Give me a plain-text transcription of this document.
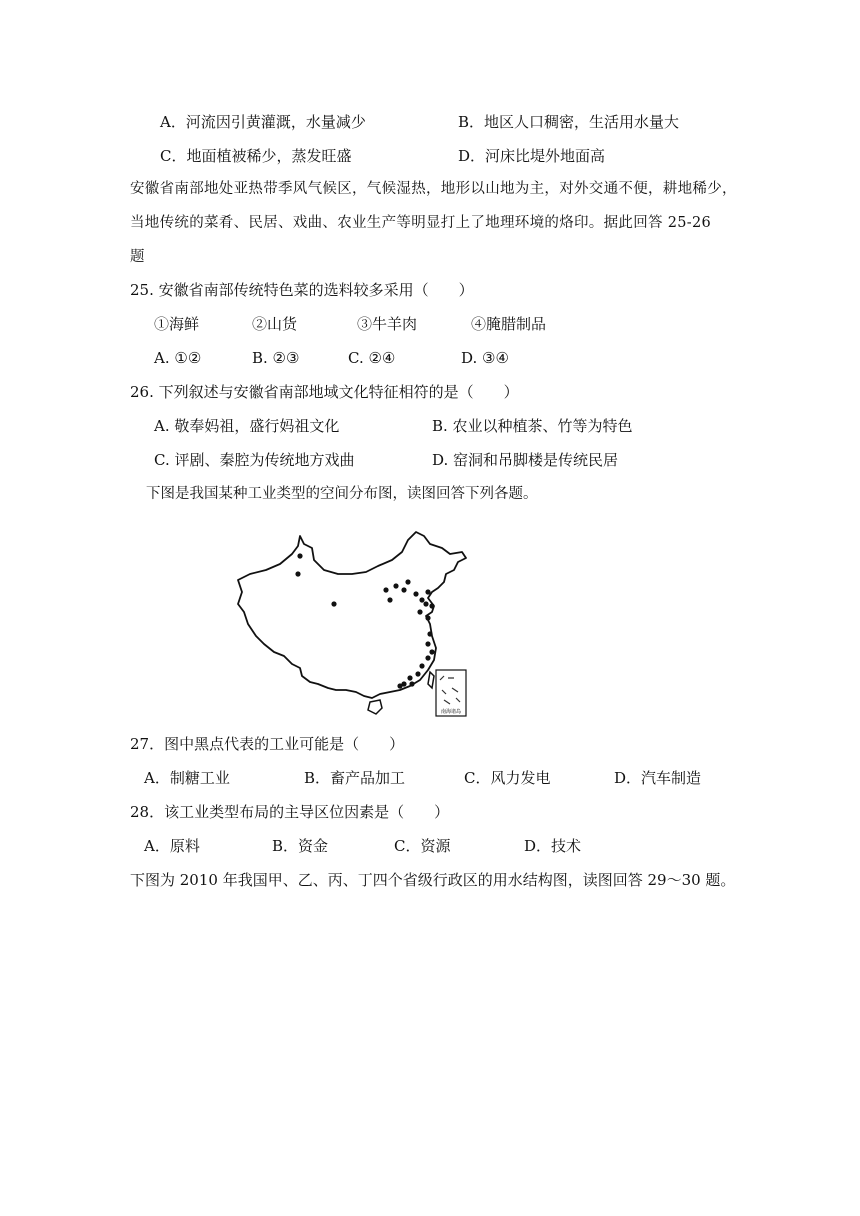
A．河流因引黄灌溉，水量减少	B．地区人口稠密，生活用水量大
C．地面植被稀少，蒸发旺盛	D．河床比堤外地面高
安徽省南部地处亚热带季风气候区，气候湿热，地形以山地为主，对外交通不便，耕地稀少，
当地传统的菜肴、民居、戏曲、农业生产等明显打上了地理环境的烙印。据此回答 25-26
题
25. 安徽省南部传统特色菜的选料较多采用（　　）
①海鲜	②山货	③牛羊肉	④腌腊制品
A. ①②	B. ②③	C. ②④	D. ③④
26. 下列叙述与安徽省南部地域文化特征相符的是（　　）
A. 敬奉妈祖，盛行妈祖文化	B. 农业以种植茶、竹等为特色
C. 评剧、秦腔为传统地方戏曲	D. 窑洞和吊脚楼是传统民居
下图是我国某种工业类型的空间分布图，读图回答下列各题。
南海诸岛
27．图中黑点代表的工业可能是（　　）
A．制糖工业	B．畜产品加工	C．风力发电	D．汽车制造
28．该工业类型布局的主导区位因素是（　　）
A．原料	B．资金	C．资源	D．技术
下图为 2010 年我国甲、乙、丙、丁四个省级行政区的用水结构图，读图回答 29～30 题。
